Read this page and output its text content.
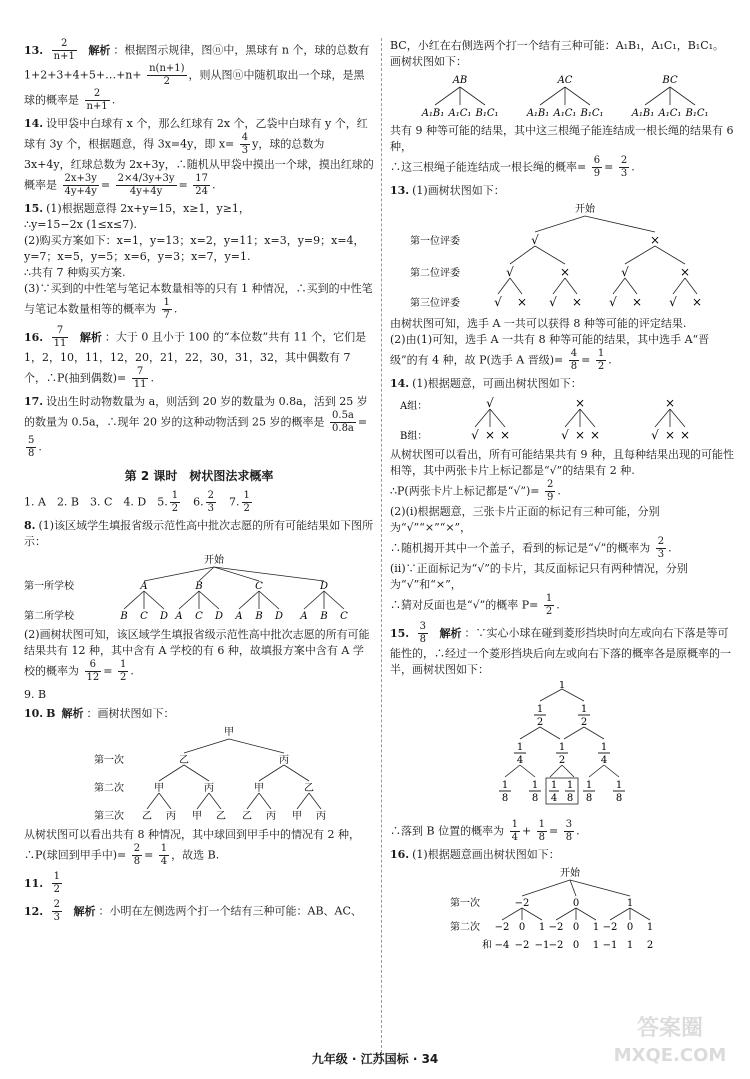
13. $\frac{2}{n+1}$ 解析 ：根据图示规律，图ⓝ中，黑球有 n 个，球的总数有 1+2+3+4+5+…+n+ $\frac{n(n+1)}{2}$ ，则从图ⓝ中随机取出一个球，是黑球的概率是 $\frac{2}{n+1}$ .

14. 设甲袋中白球有 x 个，那么红球有 2x 个，乙袋中白球有 y 个，红球有 3y 个，根据题意，得 3x=4y，即 $x= \frac{4}{3}$ y，球的总数为 3x+4y，红球总数为 2x+3y，∴随机从甲袋中摸出一个球，摸出红球的概率是 $\frac{2x+3y}{4y+4y} = \frac{2\times 4/3y+3y}{4y+4y} = \frac{17}{24}$ .

15. (1)根据题意得 2x+y=15，x≥1，y≥1，
∴y=15−2x (1≤x≤7).
(2)购买方案如下：x=1，y=13；x=2，y=11；x=3，y=9；x=4，y=7；x=5，y=5；x=6，y=3；x=7，y=1.
∴共有 7 种购买方案.
(3)∵买到的中性笔与笔记本数量相等的只有 1 种情况，∴买到的中性笔与笔记本数量相等的概率为 $\frac{1}{7}$ .

16. $\frac{7}{11}$ 解析 ：大于 0 且小于 100 的“本位数”共有 11 个，它们是 1，2，10，11，12，20，21，22，30，31，32，其中偶数有 7 个，∴P(抽到偶数)= $\frac{7}{11}$ .

17. 设出生时动物数量为 a，则活到 20 岁的数量为 0.8a，活到 25 岁的数量为 0.5a，∴现年 20 岁的这种动物活到 25 岁的概率是 $\frac{0.5a}{0.8a}$ =
$\frac{5}{8}$ .

第 2 课时　树状图法求概率

1. A　 2. B　 3. C　 4. D　 5. $\frac{1}{2}$
　 6. $\frac{2}{3}$
　 7. $\frac{1}{2}$

8. (1)该区域学生填报省级示范性高中批次志愿的所有可能结果如下图所示：

开始
第一所学校
第二所学校
A	B	C	D
B C D A C D A B D A B C

(2)画树状图可知，该区域学生填报省级示范性高中批次志愿的所有可能结果共有 12 种，其中含有 A 学校的有 6 种，故填报方案中含有 A 学校的概率为 $\frac{6}{12} = \frac{1}{2}$ .

9. B

10. B 解析 ：画树状图如下：

甲
第一次
第二次
第三次
乙	丙
甲	丙	甲	乙
乙 丙 甲 乙 乙 丙 甲 丙

从树状图可以看出共有 8 种情况，其中球回到甲手中的情况有 2 种，∴P(球回到甲手中)= $\frac{2}{8} = \frac{1}{4}$ ，故选 B.

11. $\frac{1}{2}$

12. $\frac{2}{3}$ 解析 ：小明在左侧选两个打一个结有三种可能：AB、AC、

BC，小红在右侧选两个打一个结有三种可能：A₁B₁，A₁C₁，B₁C₁。
画树状图如下：

AB	AC	BC
A₁B₁ A₁C₁ B₁C₁	A₁B₁ A₁C₁ B₁C₁	A₁B₁ A₁C₁ B₁C₁

共有 9 种等可能的结果，其中这三根绳子能连结成一根长绳的结果有 6 种，
∴这三根绳子能连结成一根长绳的概率= $\frac{6}{9} = \frac{2}{3}$ .

13. (1)画树状图如下：

开始
第一位评委
第二位评委
第三位评委
√	×
√	×	√	×
√ × √ × √ × √ ×

由树状图可知，选手 A 一共可以获得 8 种等可能的评定结果.
(2)由(1)可知，选手 A 一共有 8 种等可能的结果，其中选手 A“晋级”的有 4 种，故 P(选手 A 晋级)= $\frac{4}{8} = \frac{1}{2}$ .

14. (1)根据题意，可画出树状图如下：

A组：
B组：
√	×	×
√ × ×	√ × ×	√ × ×

从树状图可以看出，所有可能结果共有 9 种，且每种结果出现的可能性相等，其中两张卡片上标记都是“√”的结果有 2 种.
∴P(两张卡片上标记都是“√”)= $\frac{2}{9}$ .
(2)(i)根据题意，三张卡片正面的标记有三种可能，分别为“√”“×”“×”，
∴随机揭开其中一个盖子，看到的标记是“√”的概率为 $\frac{2}{3}$ .
(ii)∵正面标记为“√”的卡片，其反面标记只有两种情况，分别为“√”和“×”，
∴猜对反面也是“√”的概率 $P= \frac{1}{2}$ .

15. $\frac{3}{8}$ 解析 ：∵实心小球在碰到菱形挡块时向左或向右下落是等可能性的，∴经过一个菱形挡块后向左或向右下落的概率各是原概率的一半，画树状图如下：

1
1
2
1
2
1
4
1
2
1
4
1
8
1
8
1
4
1
8
1
8
1
8

∴落到 B 位置的概率为 $\frac{1}{4} + \frac{1}{8} = \frac{3}{8}$ .

16. (1)根据题意画出树状图如下：

开始
第一次
第二次
和
−2	0	1
−2 0 1 −2 0 1 −2 0 1
−4 −2 −1 −2 0 1 −1 1 2
九年级 · 江苏国标 · 34
答案圈
MXQE.COM
